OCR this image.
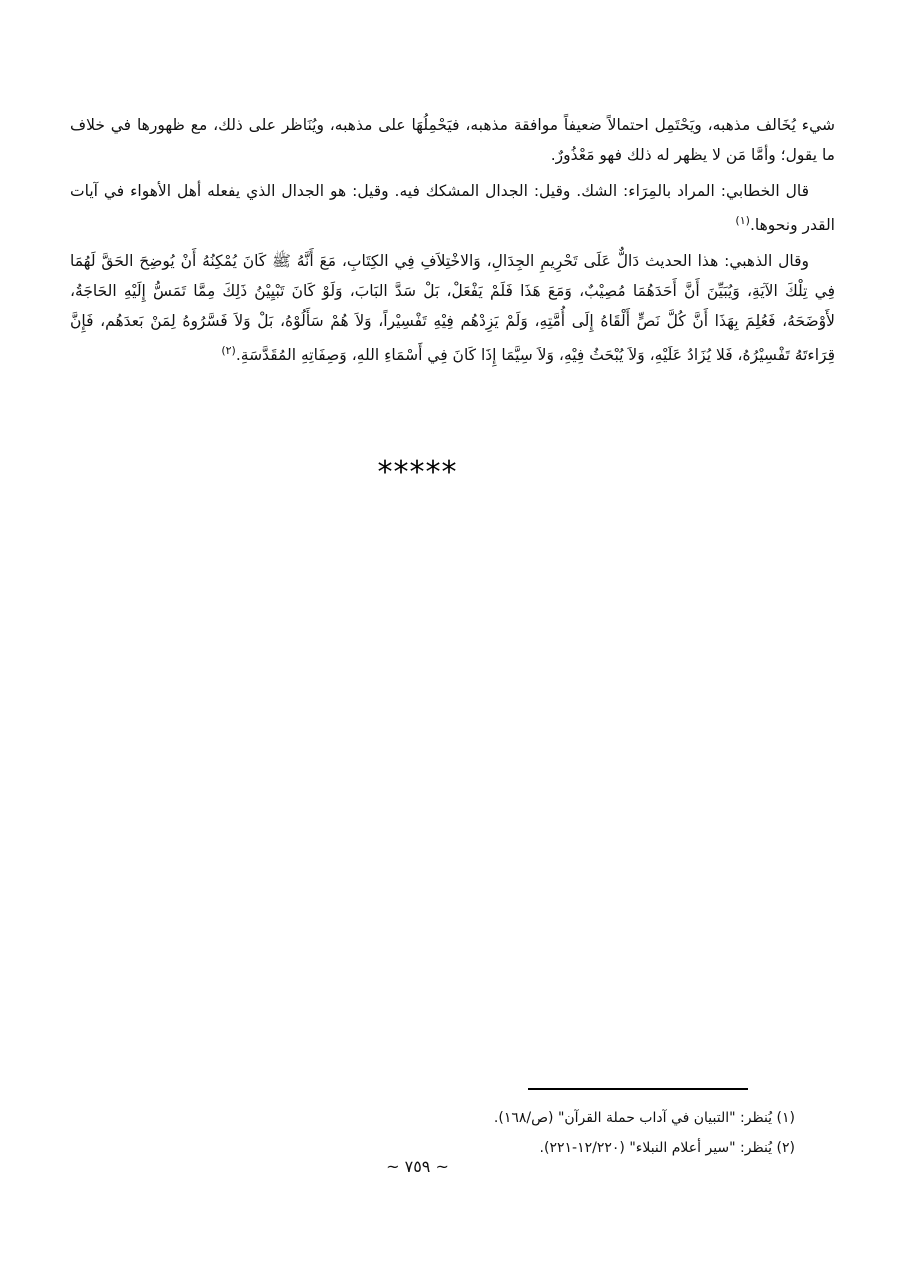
شيء يُخَالف مذهبه، ويَحْتَمِل احتمالاً ضعيفاً موافقة مذهبه، فيَحْمِلُهَا على مذهبه، ويُنَاظر على ذلك، مع ظهورها في خلاف ما يقول؛ وأمَّا مَن لا يظهر له ذلك فهو مَعْذُورٌ.

قال الخطابي: المراد بالمِرَاء: الشك. وقيل: الجدال المشكك فيه. وقيل: هو الجدال الذي يفعله أهل الأهواء في آيات القدر ونحوها.$^{(١)}$

وقال الذهبي: هذا الحديث دَالٌّ عَلَى تَحْرِيمِ الجِدَالِ، وَالاخْتِلاَفِ فِي الكِتَابِ، مَعَ أَنَّهُ ﷺ كَانَ يُمْكِنُهُ أَنْ يُوضِحَ الحَقَّ لَهُمَا فِي تِلْكَ الآيَةِ، وَيُبَيِّنَ أَنَّ أَحَدَهُمَا مُصِيْبٌ، وَمَعَ هَذَا فَلَمْ يَفْعَلْ، بَلْ سَدَّ البَابَ، وَلَوْ كَانَ تَبْيِيْنُ ذَلِكَ مِمَّا تَمَسُّ إِلَيْهِ الحَاجَةُ، لأَوْضَحَهُ، فَعُلِمَ بِهَذَا أَنَّ كُلَّ نَصٍّ أَلْقَاهُ إِلَى أُمَّتِهِ، وَلَمْ يَزِدْهُم فِيْهِ تَفْسِيْراً، وَلاَ هُمْ سَأَلُوْهُ، بَلْ وَلاَ فَسَّرُوهُ لِمَنْ بَعدَهُم، فَإِنَّ قِرَاءتَهُ تَفْسِيْرُهُ، فَلا يُزَادُ عَلَيْهِ، وَلاَ يُبْحَثُ فِيْهِ، وَلاَ سِيَّمَا إِذَا كَانَ فِي أَسْمَاءِ اللهِ، وَصِفَاتِهِ المُقَدَّسَةِ.$^{(٢)}$

*****

(١) يُنظر: "التبيان في آداب حملة القرآن" (ص/١٦٨).

(٢) يُنظر: "سير أعلام النبلاء" (١٢/٢٢٠-٢٢١).

~ ٧٥٩ ~
